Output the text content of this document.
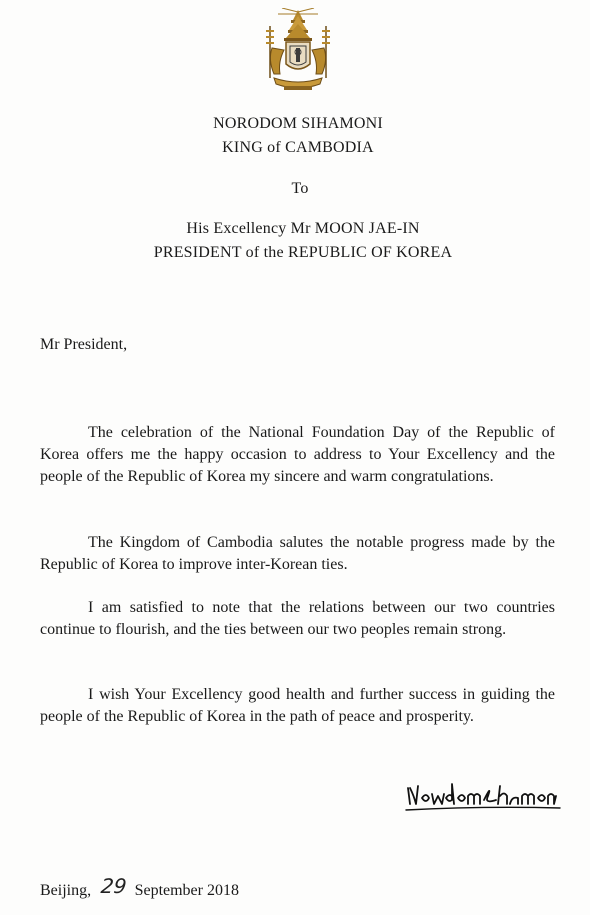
NORODOM SIHAMONI
KING of CAMBODIA
To
His Excellency Mr MOON JAE-IN
PRESIDENT of the REPUBLIC OF KOREA
Mr President,

The celebration of the National Foundation Day of the Republic of Korea offers me the happy occasion to address to Your Excellency and the people of the Republic of Korea my sincere and warm congratulations.

The Kingdom of Cambodia salutes the notable progress made by the Republic of Korea to improve inter-Korean ties.

I am satisfied to note that the relations between our two countries continue to flourish, and the ties between our two peoples remain strong.

I wish Your Excellency good health and further success in guiding the people of the Republic of Korea in the path of peace and prosperity.

Beijing, 29 September 2018
